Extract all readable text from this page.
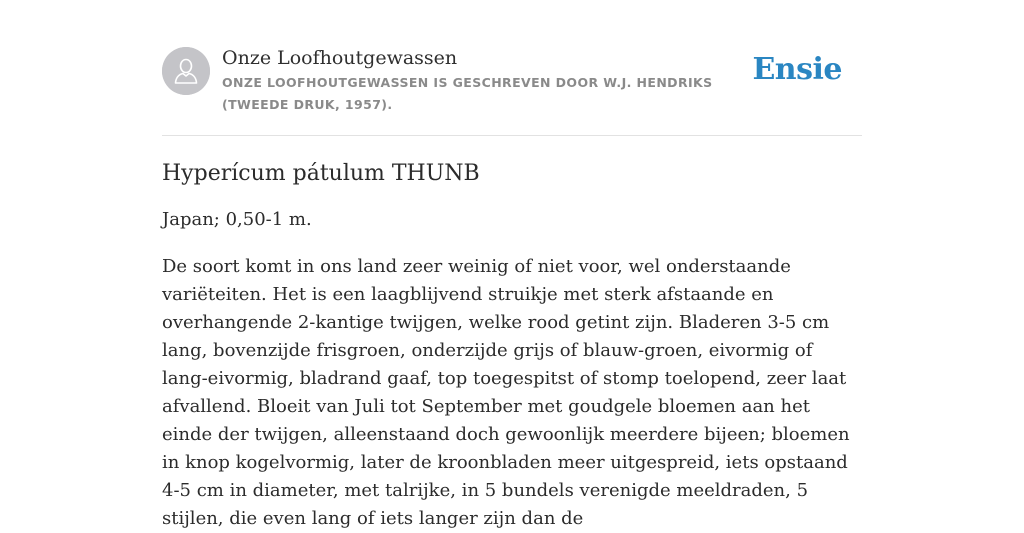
Onze Loofhoutgewassen
ONZE LOOFHOUTGEWASSEN IS GESCHREVEN DOOR W.J. HENDRIKS (TWEEDE DRUK, 1957).
Ensie
Hyperícum pátulum THUNB

Japan; 0,50-1 m.

De soort komt in ons land zeer weinig of niet voor, wel onderstaande variëteiten. Het is een laagblijvend struikje met sterk afstaande en overhangende 2-kantige twijgen, welke rood getint zijn. Bladeren 3-5 cm lang, bovenzijde frisgroen, onderzijde grijs of blauw-groen, eivormig of lang-eivormig, bladrand gaaf, top toegespitst of stomp toelopend, zeer laat afvallend. Bloeit van Juli tot September met goudgele bloemen aan het einde der twijgen, alleenstaand doch gewoonlijk meerdere bijeen; bloemen in knop kogelvormig, later de kroonbladen meer uitgespreid, iets opstaand 4-5 cm in diameter, met talrijke, in 5 bundels verenigde meeldraden, 5 stijlen, die even lang of iets langer zijn dan de
